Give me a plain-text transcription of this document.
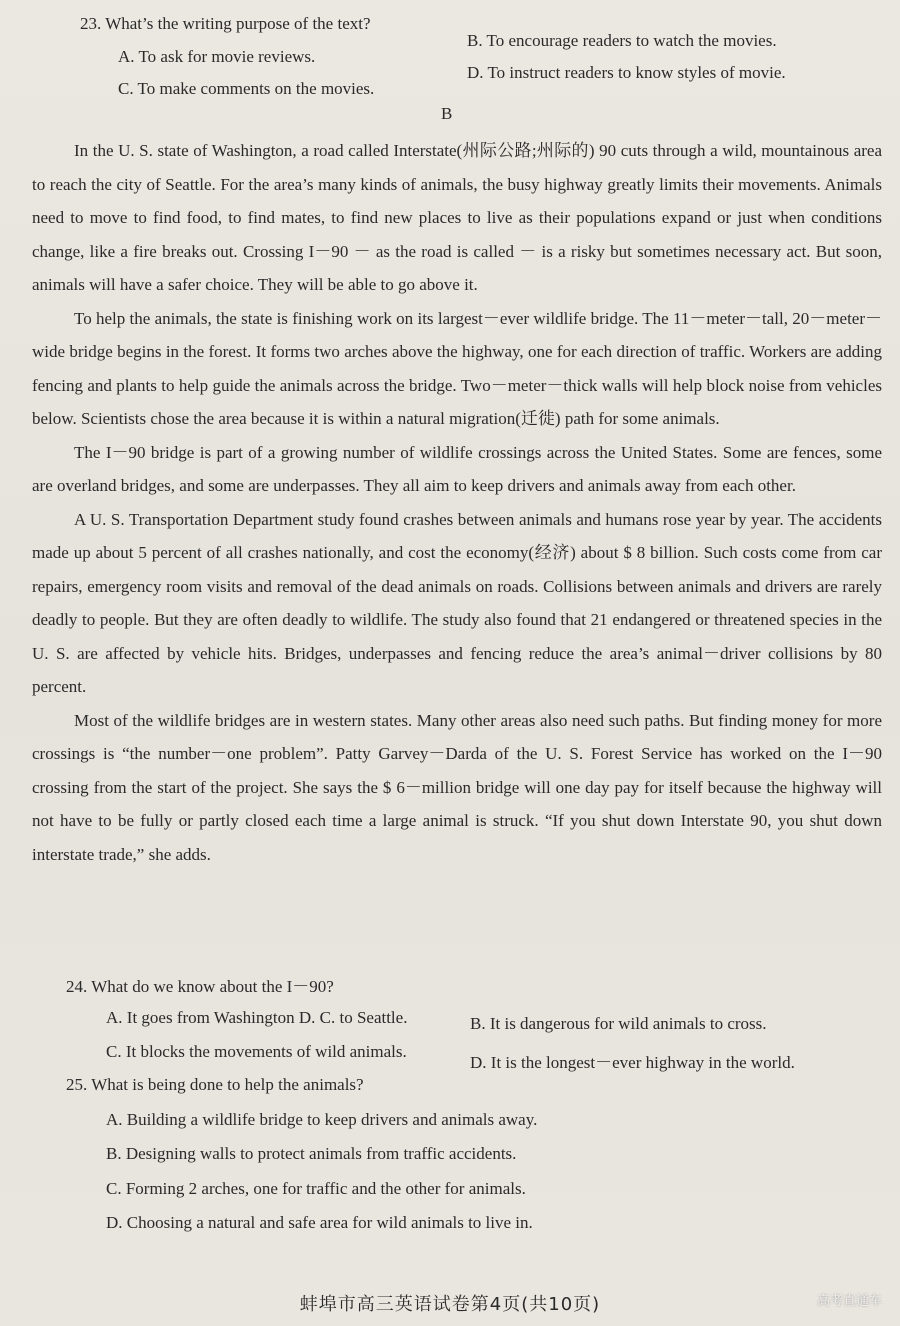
23. What’s the writing purpose of the text?
A. To ask for movie reviews.
B. To encourage readers to watch the movies.
C. To make comments on the movies.
D. To instruct readers to know styles of movie.
B

In the U. S. state of Washington, a road called Interstate(州际公路;州际的) 90 cuts through a wild, mountainous area to reach the city of Seattle. For the area’s many kinds of animals, the busy highway greatly limits their movements. Animals need to move to find food, to find mates, to find new places to live as their populations expand or just when conditions change, like a fire breaks out. Crossing I－90 － as the road is called － is a risky but sometimes necessary act. But soon, animals will have a safer choice. They will be able to go above it.

To help the animals, the state is finishing work on its largest－ever wildlife bridge. The 11－meter－tall, 20－meter－wide bridge begins in the forest. It forms two arches above the highway, one for each direction of traffic. Workers are adding fencing and plants to help guide the animals across the bridge. Two－meter－thick walls will help block noise from vehicles below. Scientists chose the area because it is within a natural migration(迁徙) path for some animals.

The I－90 bridge is part of a growing number of wildlife crossings across the United States. Some are fences, some are overland bridges, and some are underpasses. They all aim to keep drivers and animals away from each other.

A U. S. Transportation Department study found crashes between animals and humans rose year by year. The accidents made up about 5 percent of all crashes nationally, and cost the economy(经济) about $ 8 billion. Such costs come from car repairs, emergency room visits and removal of the dead animals on roads. Collisions between animals and drivers are rarely deadly to people. But they are often deadly to wildlife. The study also found that 21 endangered or threatened species in the U. S. are affected by vehicle hits. Bridges, underpasses and fencing reduce the area’s animal－driver collisions by 80 percent.

Most of the wildlife bridges are in western states. Many other areas also need such paths. But finding money for more crossings is “the number－one problem”. Patty Garvey－Darda of the U. S. Forest Service has worked on the I－90 crossing from the start of the project. She says the $ 6－million bridge will one day pay for itself because the highway will not have to be fully or partly closed each time a large animal is struck. “If you shut down Interstate 90, you shut down interstate trade,” she adds.

24. What do we know about the I－90?
A. It goes from Washington D. C. to Seattle.	B. It is dangerous for wild animals to cross.
C. It blocks the movements of wild animals.
D. It is the longest－ever highway in the world.
25. What is being done to help the animals?
A. Building a wildlife bridge to keep drivers and animals away.
B. Designing walls to protect animals from traffic accidents.
C. Forming 2 arches, one for traffic and the other for animals.
D. Choosing a natural and safe area for wild animals to live in.
蚌埠市高三英语试卷第4页(共10页)	高考直通车
